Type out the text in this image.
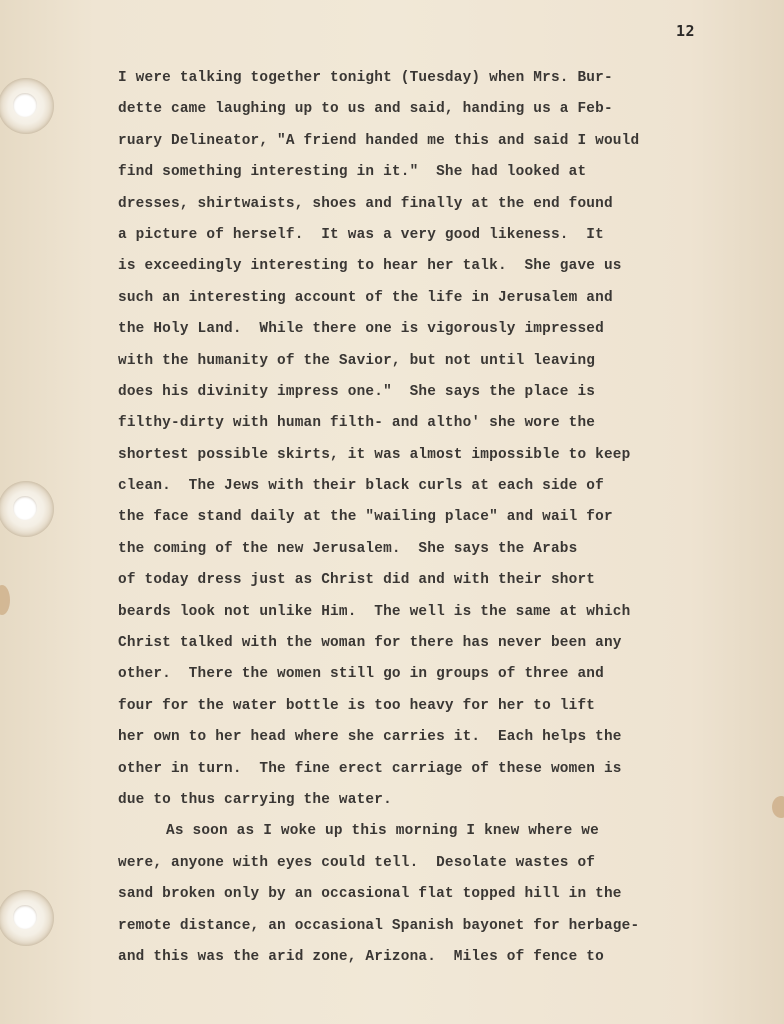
12
I were talking together tonight (Tuesday) when Mrs. Bur-
dette came laughing up to us and said, handing us a Feb-
ruary Delineator, "A friend handed me this and said I would
find something interesting in it."  She had looked at
dresses, shirtwaists, shoes and finally at the end found
a picture of herself.  It was a very good likeness.  It
is exceedingly interesting to hear her talk.  She gave us
such an interesting account of the life in Jerusalem and
the Holy Land.  While there one is vigorously impressed
with the humanity of the Savior, but not until leaving
does his divinity impress one."  She says the place is
filthy-dirty with human filth- and altho' she wore the
shortest possible skirts, it was almost impossible to keep
clean.  The Jews with their black curls at each side of
the face stand daily at the "wailing place" and wail for
the coming of the new Jerusalem.  She says the Arabs
of today dress just as Christ did and with their short
beards look not unlike Him.  The well is the same at which
Christ talked with the woman for there has never been any
other.  There the women still go in groups of three and
four for the water bottle is too heavy for her to lift
her own to her head where she carries it.  Each helps the
other in turn.  The fine erect carriage of these women is
due to thus carrying the water.
As soon as I woke up this morning I knew where we
were, anyone with eyes could tell.  Desolate wastes of
sand broken only by an occasional flat topped hill in the
remote distance, an occasional Spanish bayonet for herbage-
and this was the arid zone, Arizona.  Miles of fence to
